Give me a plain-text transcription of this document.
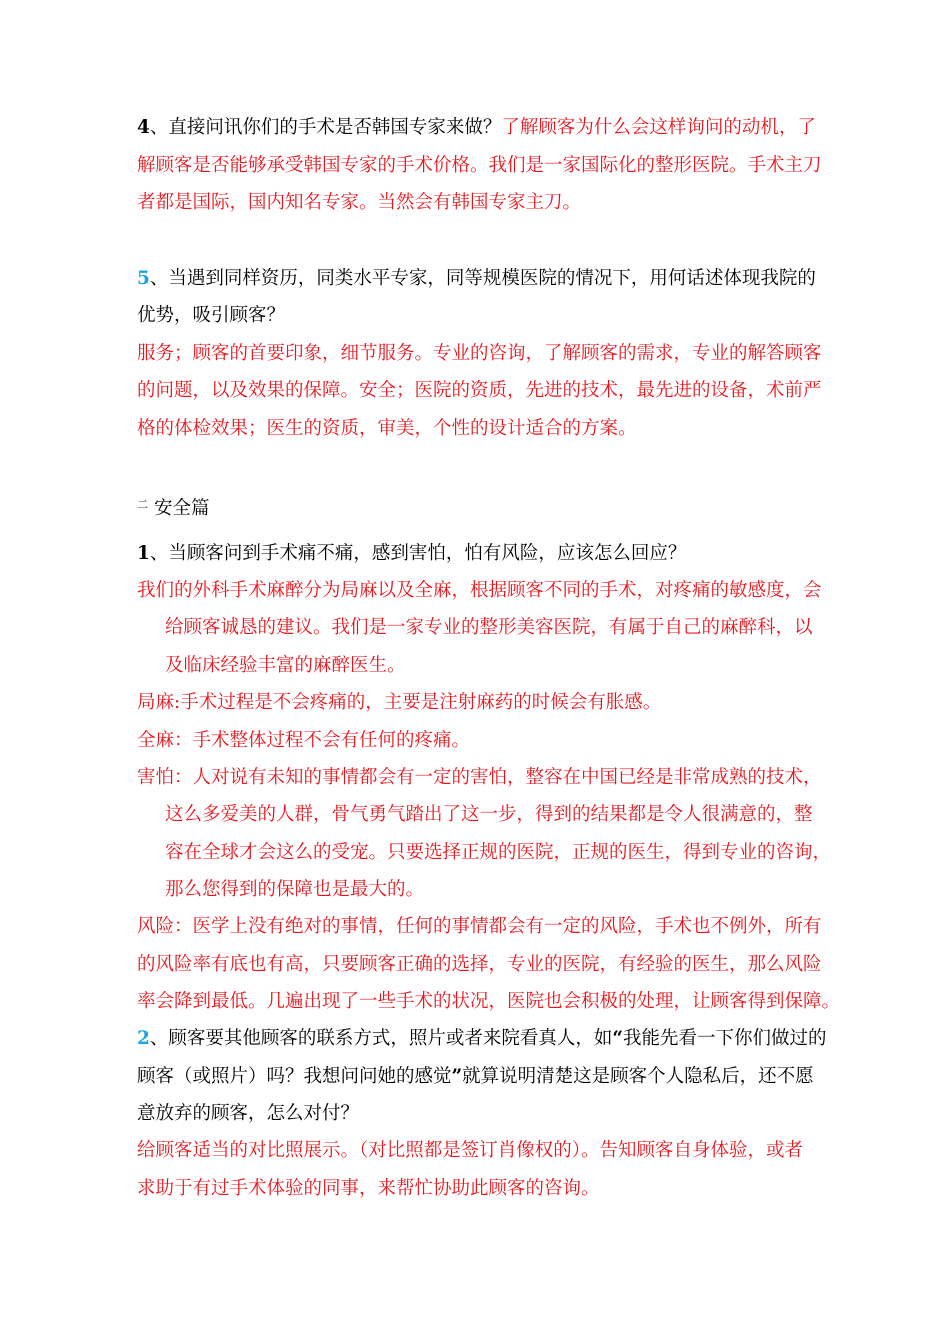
4、直接问讯你们的手术是否韩国专家来做？了解顾客为什么会这样询问的动机，了
解顾客是否能够承受韩国专家的手术价格。我们是一家国际化的整形医院。手术主刀
者都是国际，国内知名专家。当然会有韩国专家主刀。
5、当遇到同样资历，同类水平专家，同等规模医院的情况下，用何话述体现我院的
优势，吸引顾客？
服务；顾客的首要印象，细节服务。专业的咨询，了解顾客的需求，专业的解答顾客
的问题，以及效果的保障。安全；医院的资质，先进的技术，最先进的设备，术前严
格的体检效果；医生的资质，审美，个性的设计适合的方案。
$^二$ 安全篇
1、当顾客问到手术痛不痛，感到害怕，怕有风险，应该怎么回应？
我们的外科手术麻醉分为局麻以及全麻，根据顾客不同的手术，对疼痛的敏感度，会
给顾客诚恳的建议。我们是一家专业的整形美容医院，有属于自己的麻醉科，以
及临床经验丰富的麻醉医生。
局麻:手术过程是不会疼痛的，主要是注射麻药的时候会有胀感。
全麻：手术整体过程不会有任何的疼痛。
害怕：人对说有未知的事情都会有一定的害怕，整容在中国已经是非常成熟的技术，
这么多爱美的人群，骨气勇气踏出了这一步，得到的结果都是令人很满意的，整
容在全球才会这么的受宠。只要选择正规的医院，正规的医生，得到专业的咨询，
那么您得到的保障也是最大的。
风险：医学上没有绝对的事情，任何的事情都会有一定的风险，手术也不例外，所有
的风险率有底也有高，只要顾客正确的选择，专业的医院，有经验的医生，那么风险
率会降到最低。几遍出现了一些手术的状况，医院也会积极的处理，让顾客得到保障。
2、顾客要其他顾客的联系方式，照片或者来院看真人，如“我能先看一下你们做过的
顾客（或照片）吗？我想问问她的感觉”就算说明清楚这是顾客个人隐私后，还不愿
意放弃的顾客，怎么对付？
给顾客适当的对比照展示。（对比照都是签订肖像权的）。告知顾客自身体验，或者
求助于有过手术体验的同事，来帮忙协助此顾客的咨询。
